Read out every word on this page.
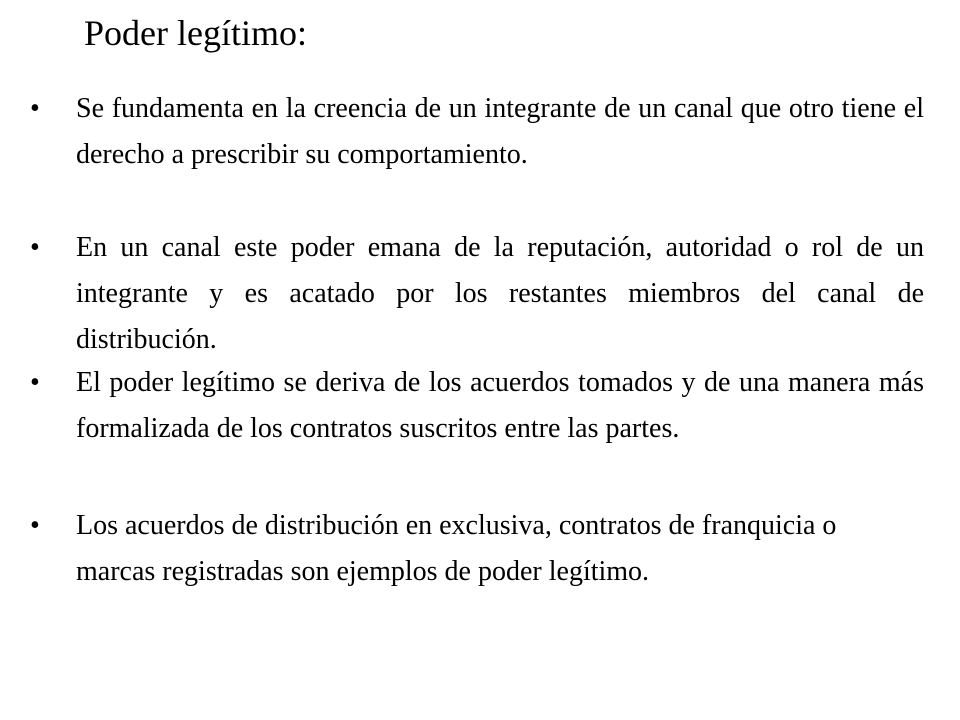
Poder legítimo:
• Se fundamenta en la creencia de un integrante de un canal que otro tiene el derecho a prescribir su comportamiento.
• En un canal este poder emana de la reputación, autoridad o rol de un integrante y es acatado por los restantes miembros del canal de distribución.
• El poder legítimo se deriva de los acuerdos tomados y de una manera más formalizada de los contratos suscritos entre las partes.
• Los acuerdos de distribución en exclusiva, contratos de franquicia o marcas registradas son ejemplos de poder legítimo.
